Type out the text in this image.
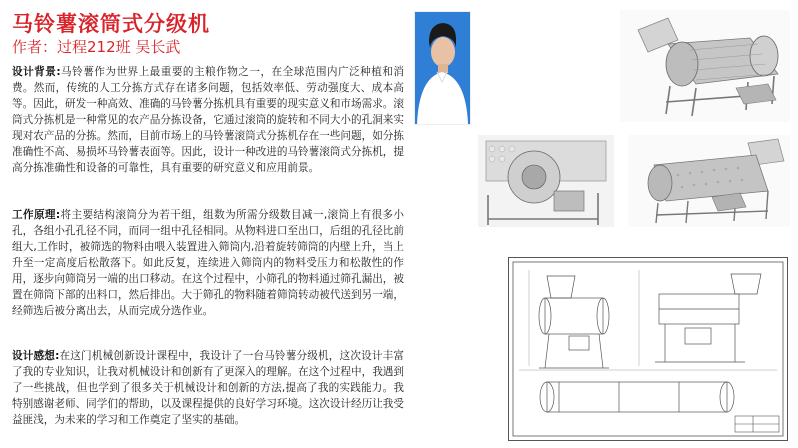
马铃薯滚筒式分级机
作者：过程212班 吴长武
设计背景:马铃薯作为世界上最重要的主粮作物之一，在全球范围内广泛种植和消费。然而，传统的人工分拣方式存在诸多问题，包括效率低、劳动强度大、成本高等。因此，研发一种高效、准确的马铃薯分拣机具有重要的现实意义和市场需求。滚筒式分拣机是一种常见的农产品分拣设备，它通过滚筒的旋转和不同大小的孔洞来实现对农产品的分拣。然而，目前市场上的马铃薯滚筒式分拣机存在一些问题，如分拣准确性不高、易损坏马铃薯表面等。因此，设计一种改进的马铃薯滚筒式分拣机，提高分拣准确性和设备的可靠性，具有重要的研究意义和应用前景。
工作原理:将主要结构滚筒分为若干组，组数为所需分级数目减一,滚筒上有很多小孔，各组小孔孔径不同，而同一组中孔径相同。从物料进口至出口，后组的孔径比前组大,工作时，被筛选的物料由喂入装置进入筛筒内,沿着旋转筛筒的内壁上升，当上升至一定高度后松散落下。如此反复，连续进入筛筒内的物料受压力和松散性的作用，逐步向筛筒另一端的出口移动。在这个过程中，小筛孔的物料通过筛孔漏出，被置在筛筒下部的出料口，然后排出。大于筛孔的物料随着筛筒转动被代送到另一端，经筛选后被分离出去，从而完成分选作业。
设计感想:在这门机械创新设计课程中，我设计了一台马铃薯分级机，这次设计丰富了我的专业知识，让我对机械设计和创新有了更深入的理解。在这个过程中，我遇到了一些挑战，但也学到了很多关于机械设计和创新的方法,提高了我的实践能力。我特别感谢老师、同学们的帮助，以及课程提供的良好学习环境。这次设计经历让我受益匪浅，为未来的学习和工作奠定了坚实的基础。
